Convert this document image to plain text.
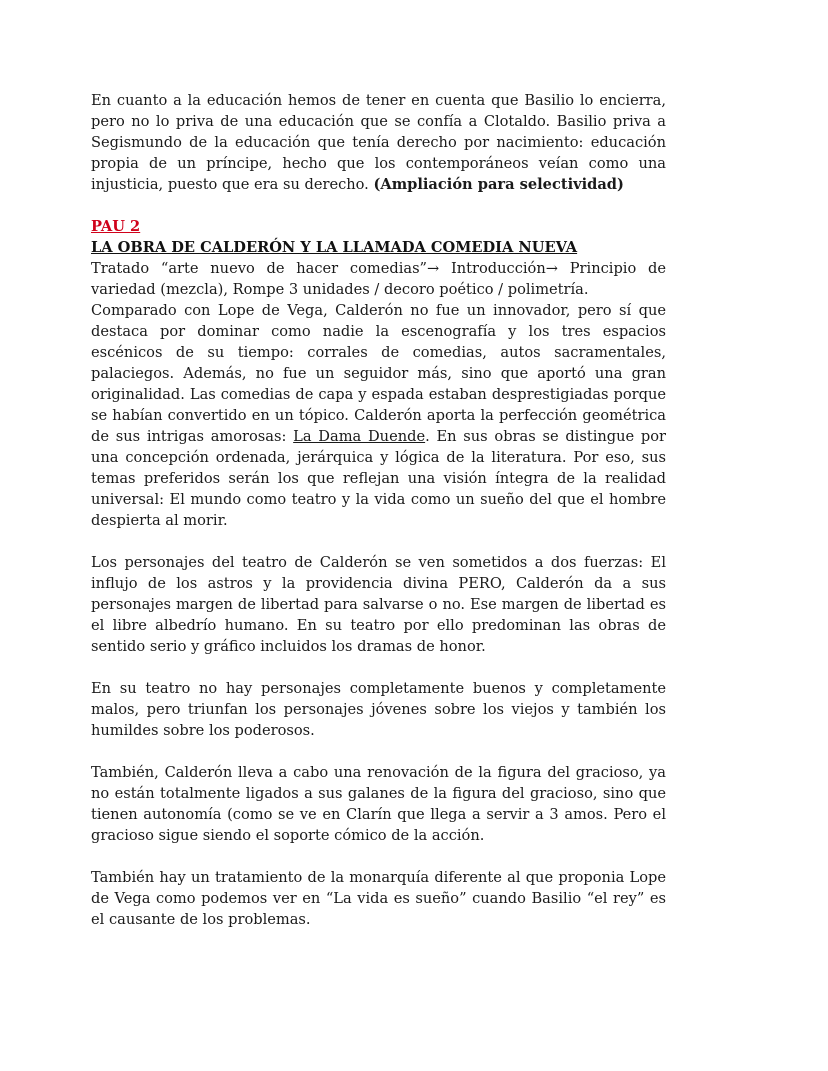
En cuanto a la educación hemos de tener en cuenta que Basilio lo encierra, pero no lo priva de una educación que se confía a Clotaldo. Basilio priva a Segismundo de la educación que tenía derecho por nacimiento: educación propia de un príncipe, hecho que los contemporáneos veían como una injusticia, puesto que era su derecho. (Ampliación para selectividad)

PAU 2

LA OBRA DE CALDERÓN Y LA LLAMADA COMEDIA NUEVA

Tratado “arte nuevo de hacer comedias”→ Introducción→ Principio de variedad (mezcla), Rompe 3 unidades / decoro poético / polimetría.

Comparado con Lope de Vega, Calderón no fue un innovador, pero sí que destaca por dominar como nadie la escenografía y los tres espacios escénicos de su tiempo: corrales de comedias, autos sacramentales, palaciegos. Además, no fue un seguidor más, sino que aportó una gran originalidad. Las comedias de capa y espada estaban desprestigiadas porque se habían convertido en un tópico. Calderón aporta la perfección geométrica de sus intrigas amorosas: La Dama Duende. En sus obras se distingue por una concepción ordenada, jerárquica y lógica de la literatura. Por eso, sus temas preferidos serán los que reflejan una visión íntegra de la realidad universal: El mundo como teatro y la vida como un sueño del que el hombre despierta al morir.

Los personajes del teatro de Calderón se ven sometidos a dos fuerzas: El influjo de los astros y la providencia divina PERO, Calderón da a sus personajes margen de libertad para salvarse o no. Ese margen de libertad es el libre albedrío humano. En su teatro por ello predominan las obras de sentido serio y gráfico incluidos los dramas de honor.

En su teatro no hay personajes completamente buenos y completamente malos, pero triunfan los personajes jóvenes sobre los viejos y también los humildes sobre los poderosos.

También, Calderón lleva a cabo una renovación de la figura del gracioso, ya no están totalmente ligados a sus galanes de la figura del gracioso, sino que tienen autonomía (como se ve en Clarín que llega a servir a 3 amos. Pero el gracioso sigue siendo el soporte cómico de la acción.

También hay un tratamiento de la monarquía diferente al que proponia Lope de Vega como podemos ver en “La vida es sueño” cuando Basilio “el rey” es el causante de los problemas.
